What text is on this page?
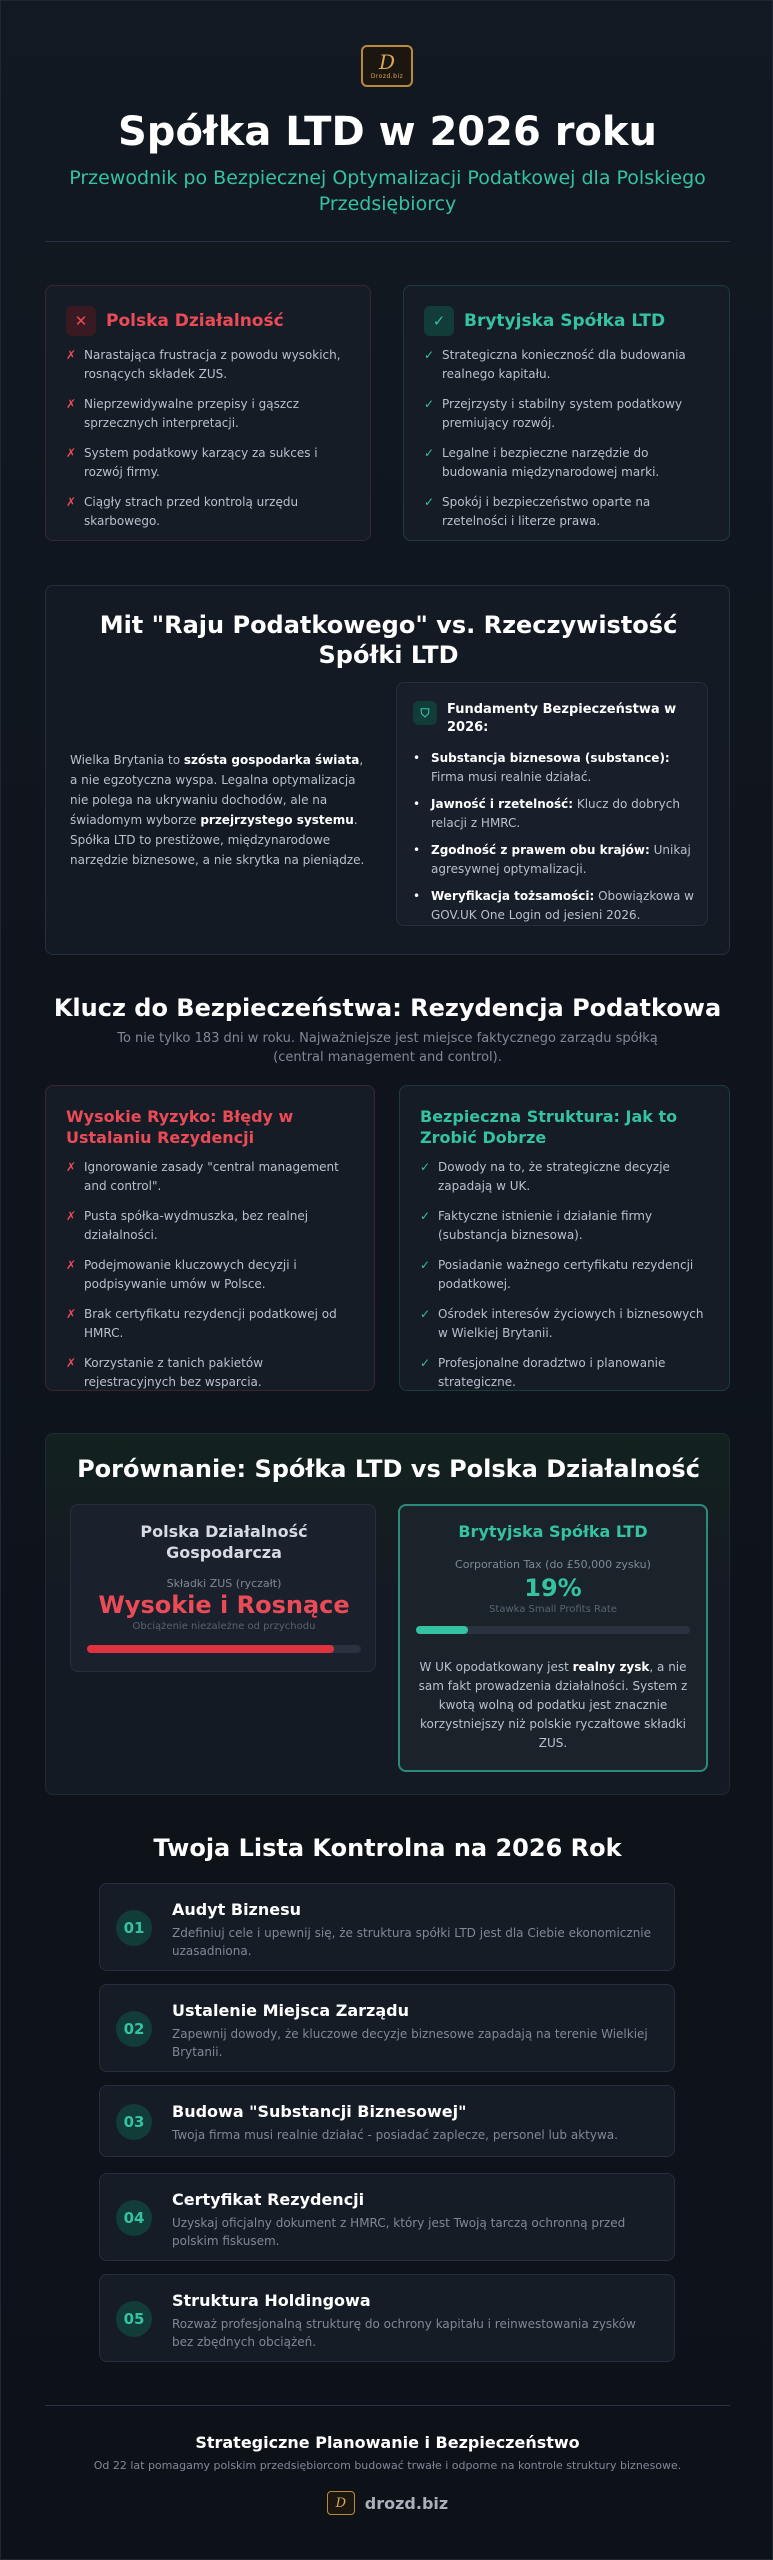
D
Drozd.biz
Spółka LTD w 2026 roku
Przewodnik po Bezpiecznej Optymalizacji Podatkowej dla Polskiego Przedsiębiorcy
✕	Polska Działalność
✗ Narastająca frustracja z powodu wysokich, rosnących składek ZUS.
✗ Nieprzewidywalne przepisy i gąszcz sprzecznych interpretacji.
✗ System podatkowy karzący za sukces i rozwój firmy.
✗ Ciągły strach przed kontrolą urzędu skarbowego.
✓	Brytyjska Spółka LTD
✓ Strategiczna konieczność dla budowania realnego kapitału.
✓ Przejrzysty i stabilny system podatkowy premiujący rozwój.
✓ Legalne i bezpieczne narzędzie do budowania międzynarodowej marki.
✓ Spokój i bezpieczeństwo oparte na rzetelności i literze prawa.
Mit "Raju Podatkowego" vs. Rzeczywistość Spółki LTD
Wielka Brytania to szósta gospodarka świata, a nie egzotyczna wyspa. Legalna optymalizacja nie polega na ukrywaniu dochodów, ale na świadomym wyborze przejrzystego systemu. Spółka LTD to prestiżowe, międzynarodowe narzędzie biznesowe, a nie skrytka na pieniądze.
⛉	Fundamenty Bezpieczeństwa w 2026:
• Substancja biznesowa (substance): Firma musi realnie działać.
• Jawność i rzetelność: Klucz do dobrych relacji z HMRC.
• Zgodność z prawem obu krajów: Unikaj agresywnej optymalizacji.
• Weryfikacja tożsamości: Obowiązkowa w GOV.UK One Login od jesieni 2026.
Klucz do Bezpieczeństwa: Rezydencja Podatkowa
To nie tylko 183 dni w roku. Najważniejsze jest miejsce faktycznego zarządu spółką (central management and control).
Wysokie Ryzyko: Błędy w Ustalaniu Rezydencji
✗ Ignorowanie zasady "central management and control".
✗ Pusta spółka-wydmuszka, bez realnej działalności.
✗ Podejmowanie kluczowych decyzji i podpisywanie umów w Polsce.
✗ Brak certyfikatu rezydencji podatkowej od HMRC.
✗ Korzystanie z tanich pakietów rejestracyjnych bez wsparcia.
Bezpieczna Struktura: Jak to Zrobić Dobrze
✓ Dowody na to, że strategiczne decyzje zapadają w UK.
✓ Faktyczne istnienie i działanie firmy (substancja biznesowa).
✓ Posiadanie ważnego certyfikatu rezydencji podatkowej.
✓ Ośrodek interesów życiowych i biznesowych w Wielkiej Brytanii.
✓ Profesjonalne doradztwo i planowanie strategiczne.
Porównanie: Spółka LTD vs Polska Działalność
Polska Działalność Gospodarcza
Składki ZUS (ryczałt)
Wysokie i Rosnące
Obciążenie niezależne od przychodu
Brytyjska Spółka LTD
Corporation Tax (do £50,000 zysku)
19%
Stawka Small Profits Rate
W UK opodatkowany jest realny zysk, a nie sam fakt prowadzenia działalności. System z kwotą wolną od podatku jest znacznie korzystniejszy niż polskie ryczałtowe składki ZUS.
Twoja Lista Kontrolna na 2026 Rok
01
Audyt Biznesu
Zdefiniuj cele i upewnij się, że struktura spółki LTD jest dla Ciebie ekonomicznie uzasadniona.
02
Ustalenie Miejsca Zarządu
Zapewnij dowody, że kluczowe decyzje biznesowe zapadają na terenie Wielkiej Brytanii.
03
Budowa "Substancji Biznesowej"
Twoja firma musi realnie działać - posiadać zaplecze, personel lub aktywa.
04
Certyfikat Rezydencji
Uzyskaj oficjalny dokument z HMRC, który jest Twoją tarczą ochronną przed polskim fiskusem.
05
Struktura Holdingowa
Rozważ profesjonalną strukturę do ochrony kapitału i reinwestowania zysków bez zbędnych obciążeń.
Strategiczne Planowanie i Bezpieczeństwo
Od 22 lat pomagamy polskim przedsiębiorcom budować trwałe i odporne na kontrole struktury biznesowe.
D drozd.biz
